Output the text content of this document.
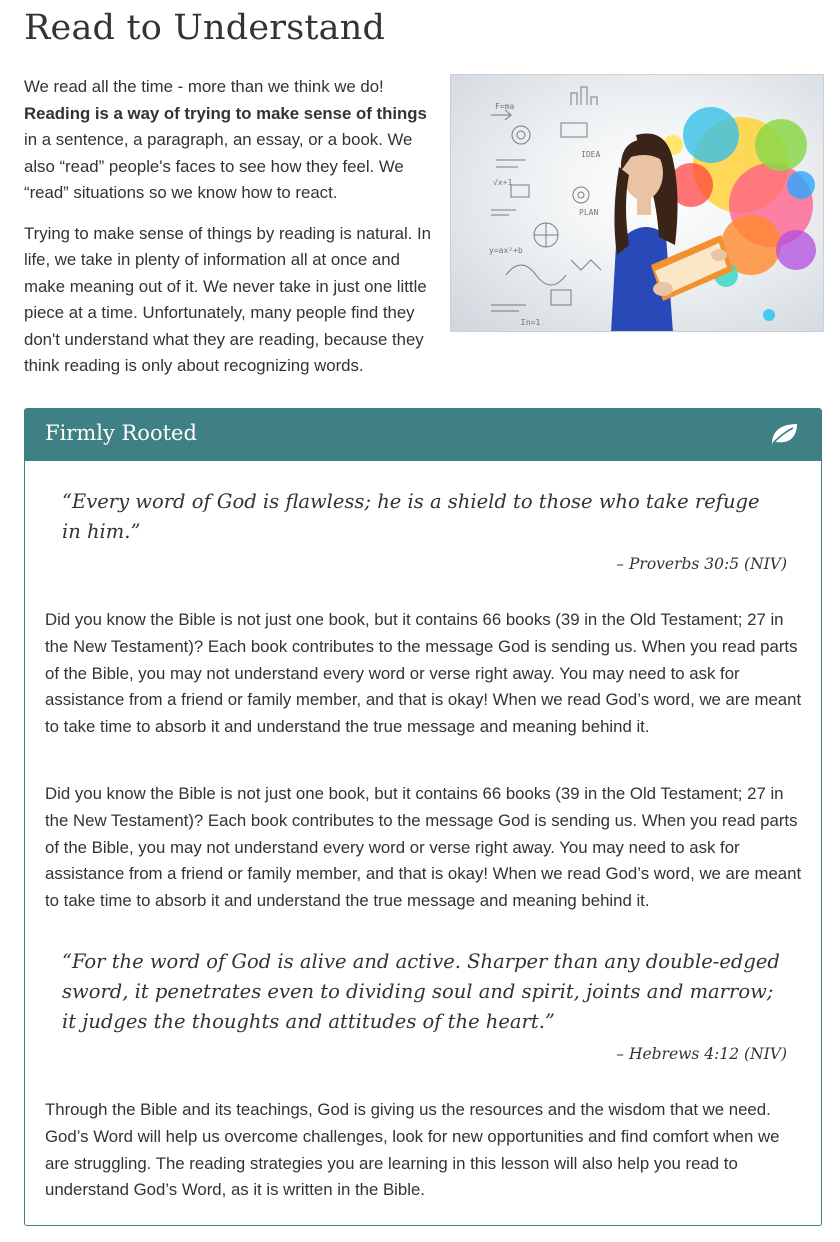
Read to Understand
F=ma
IDEA
PLAN
y=ax²+b
√x+1
Σn=1

We read all the time - more than we think we do! Reading is a way of trying to make sense of things in a sentence, a paragraph, an essay, or a book. We also “read” people's faces to see how they feel. We “read” situations so we know how to react.

Trying to make sense of things by reading is natural. In life, we take in plenty of information all at once and make meaning out of it. We never take in just one little piece at a time. Unfortunately, many people find they don't understand what they are reading, because they think reading is only about recognizing words.

Firmly Rooted
“Every word of God is flawless; he is a shield to those who take refuge in him.”
– Proverbs 30:5 (NIV)
Did you know the Bible is not just one book, but it contains 66 books (39 in the Old Testament; 27 in the New Testament)? Each book contributes to the message God is sending us. When you read parts of the Bible, you may not understand every word or verse right away. You may need to ask for assistance from a friend or family member, and that is okay! When we read God’s word, we are meant to take time to absorb it and understand the true message and meaning behind it.
Did you know the Bible is not just one book, but it contains 66 books (39 in the Old Testament; 27 in the New Testament)? Each book contributes to the message God is sending us. When you read parts of the Bible, you may not understand every word or verse right away. You may need to ask for assistance from a friend or family member, and that is okay! When we read God’s word, we are meant to take time to absorb it and understand the true message and meaning behind it.
“For the word of God is alive and active. Sharper than any double-edged sword, it penetrates even to dividing soul and spirit, joints and marrow; it judges the thoughts and attitudes of the heart.”
– Hebrews 4:12 (NIV)
Through the Bible and its teachings, God is giving us the resources and the wisdom that we need. God’s Word will help us overcome challenges, look for new opportunities and find comfort when we are struggling. The reading strategies you are learning in this lesson will also help you read to understand God’s Word, as it is written in the Bible.
